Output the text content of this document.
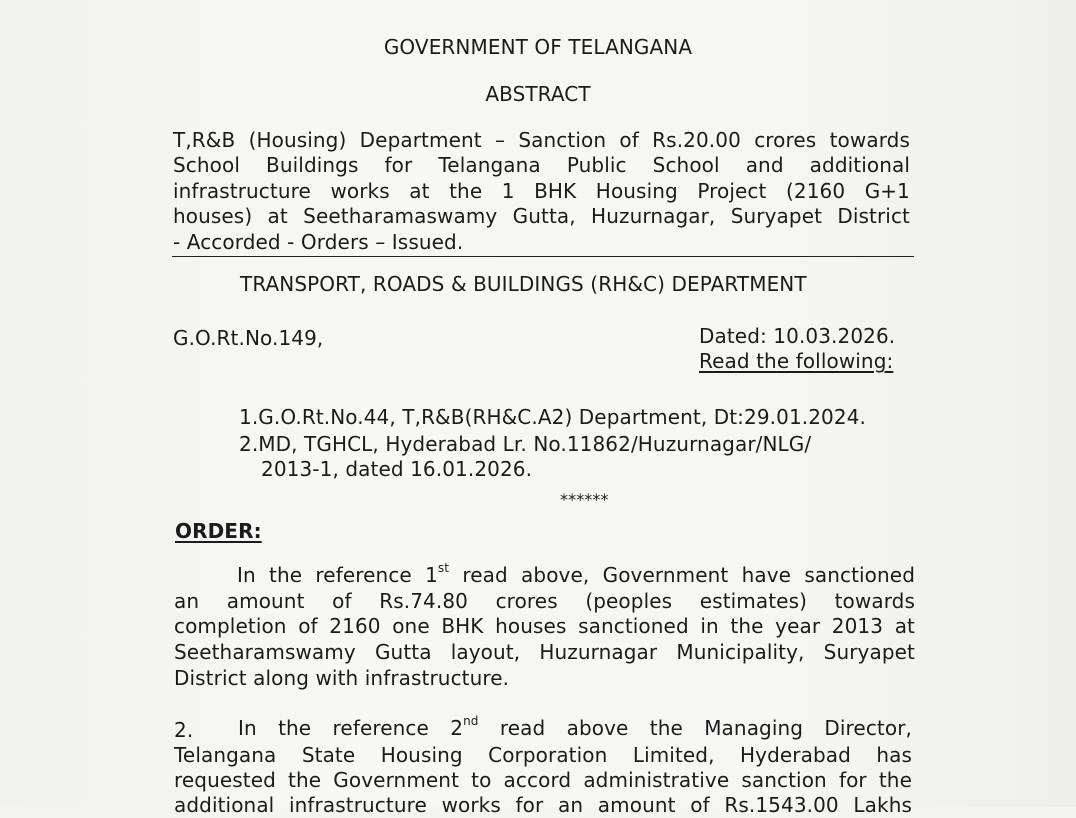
GOVERNMENT OF TELANGANA
ABSTRACT
T,R&B (Housing) Department – Sanction of Rs.20.00 crores towards
School Buildings for Telangana Public School and additional
infrastructure works at the 1 BHK Housing Project (2160 G+1
houses) at Seetharamaswamy Gutta, Huzurnagar, Suryapet District
- Accorded - Orders – Issued.
TRANSPORT, ROADS & BUILDINGS (RH&C) DEPARTMENT
G.O.Rt.No.149,	Dated: 10.03.2026.
Read the following:
1.G.O.Rt.No.44, T,R&B(RH&C.A2) Department, Dt:29.01.2024.
2.MD, TGHCL, Hyderabad Lr. No.11862/Huzurnagar/NLG/
2013-1, dated 16.01.2026.
******
ORDER:
In the reference 1st read above, Government have sanctioned
an amount of Rs.74.80 crores (peoples estimates) towards
completion of 2160 one BHK houses sanctioned in the year 2013 at
Seetharamswamy Gutta layout, Huzurnagar Municipality, Suryapet
District along with infrastructure.
2. In the reference 2nd read above the Managing Director,
Telangana State Housing Corporation Limited, Hyderabad has
requested the Government to accord administrative sanction for the
additional infrastructure works for an amount of Rs.1543.00 Lakhs
